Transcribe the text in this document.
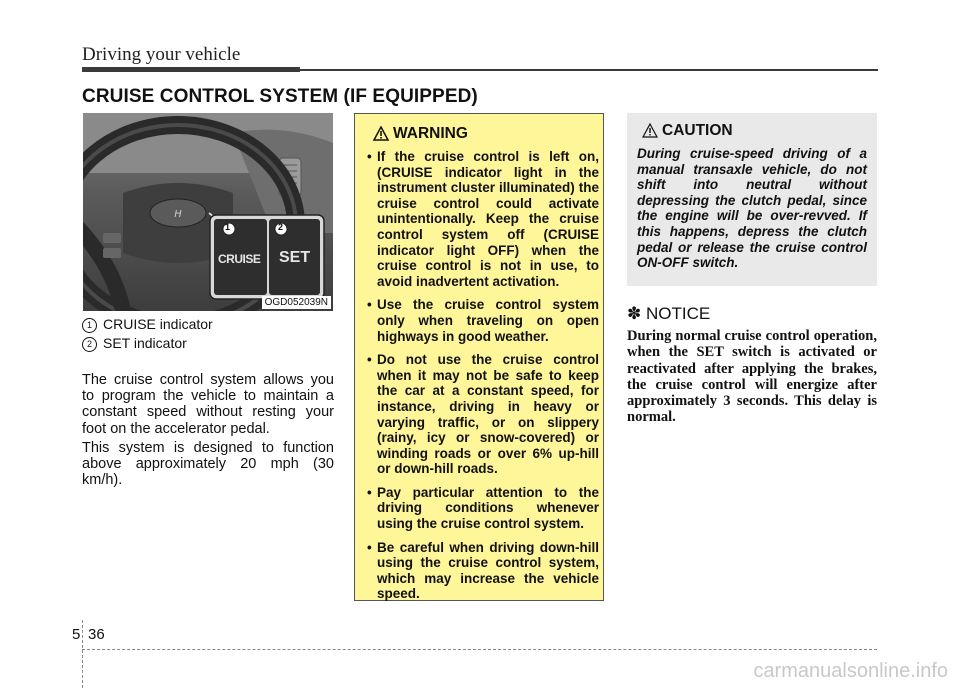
Driving your vehicle
CRUISE CONTROL SYSTEM (IF EQUIPPED)
H
1	2
CRUISE SET
OGD052039N
1 CRUISE indicator
2 SET indicator
The cruise control system allows you to program the vehicle to maintain a constant speed without resting your foot on the accelerator pedal.
This system is designed to function above approximately 20 mph (30 km/h).
WARNING
• If the cruise control is left on, (CRUISE indicator light in the instrument cluster illuminated) the cruise control could activate unintentionally. Keep the cruise control system off (CRUISE indicator light OFF) when the cruise control is not in use, to avoid inadvertent activation.
• Use the cruise control system only when traveling on open highways in good weather.
• Do not use the cruise control when it may not be safe to keep the car at a constant speed, for instance, driving in heavy or varying traffic, or on slippery (rainy, icy or snow-covered) or winding roads or over 6% up-hill or down-hill roads.
• Pay particular attention to the driving conditions whenever using the cruise control system.
• Be careful when driving down-hill using the cruise control system, which may increase the vehicle speed.
CAUTION
During cruise-speed driving of a manual transaxle vehicle, do not shift into neutral without depressing the clutch pedal, since the engine will be over-revved. If this happens, depress the clutch pedal or release the cruise control ON-OFF switch.
✽ NOTICE
During normal cruise control operation, when the SET switch is activated or reactivated after applying the brakes, the cruise control will energize after approximately 3 seconds. This delay is normal.
5 36
carmanualsonline.info
